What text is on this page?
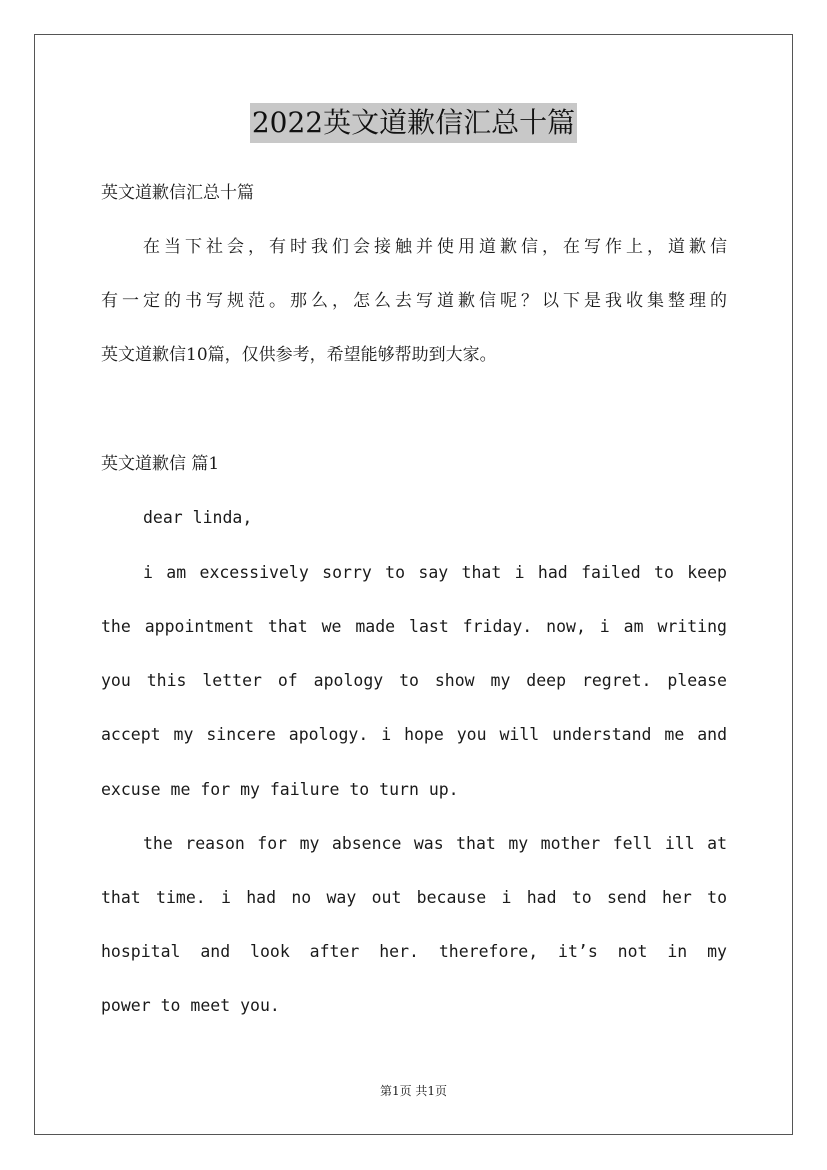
2022英文道歉信汇总十篇
英文道歉信汇总十篇
在当下社会，有时我们会接触并使用道歉信，在写作上，道歉信
有一定的书写规范。那么，怎么去写道歉信呢？以下是我收集整理的
英文道歉信10篇，仅供参考，希望能够帮助到大家。
英文道歉信 篇1
dear linda,
i am excessively sorry to say that i had failed to keep
the appointment that we made last friday. now, i am writing
you this letter of apology to show my deep regret. please
accept my sincere apology. i hope you will understand me and
excuse me for my failure to turn up.
the reason for my absence was that my mother fell ill at
that time. i had no way out because i had to send her to
hospital and look after her. therefore, it’s not in my
power to meet you.
第1页 共1页
